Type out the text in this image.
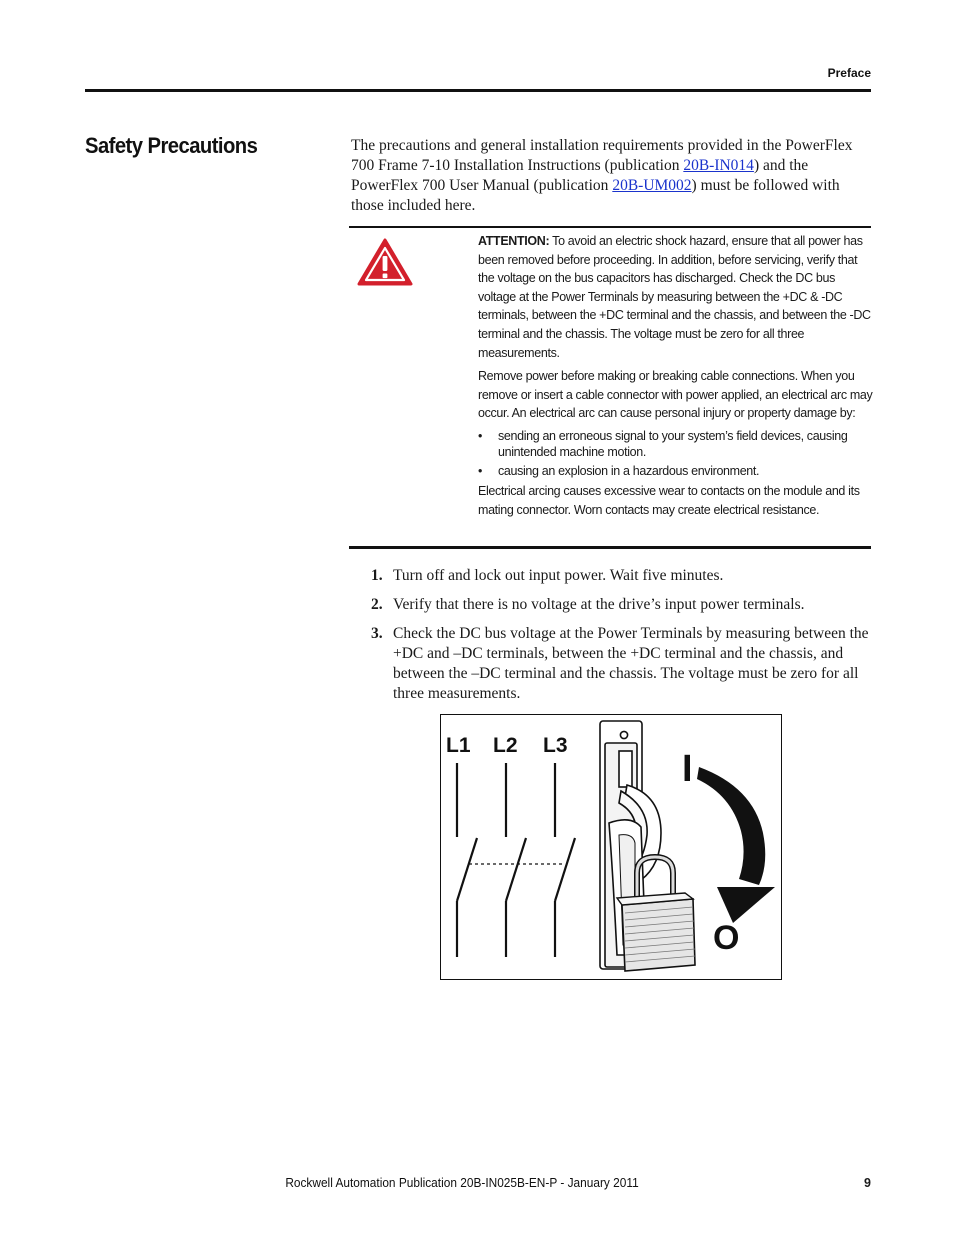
Preface
Safety Precautions	The precautions and general installation requirements provided in the PowerFlex 700 Frame 7-10 Installation Instructions (publication 20B-IN014) and the PowerFlex 700 User Manual (publication 20B-UM002) must be followed with those included here.

ATTENTION: To avoid an electric shock hazard, ensure that all power has been removed before proceeding. In addition, before servicing, verify that the voltage on the bus capacitors has discharged. Check the DC bus voltage at the Power Terminals by measuring between the +DC & -DC terminals, between the +DC terminal and the chassis, and between the -DC terminal and the chassis. The voltage must be zero for all three measurements.

Remove power before making or breaking cable connections. When you remove or insert a cable connector with power applied, an electrical arc may occur. An electrical arc can cause personal injury or property damage by:

• sending an erroneous signal to your system’s field devices, causing unintended machine motion.
• causing an explosion in a hazardous environment.

Electrical arcing causes excessive wear to contacts on the module and its mating connector. Worn contacts may create electrical resistance.

1. Turn off and lock out input power. Wait five minutes.
2. Verify that there is no voltage at the drive’s input power terminals.
3. Check the DC bus voltage at the Power Terminals by measuring between the +DC and –DC terminals, between the +DC terminal and the chassis, and between the –DC terminal and the chassis. The voltage must be zero for all three measurements.
L1 L2 L3
I
O
Rockwell Automation Publication 20B-IN025B-EN-P - January 2011	9
